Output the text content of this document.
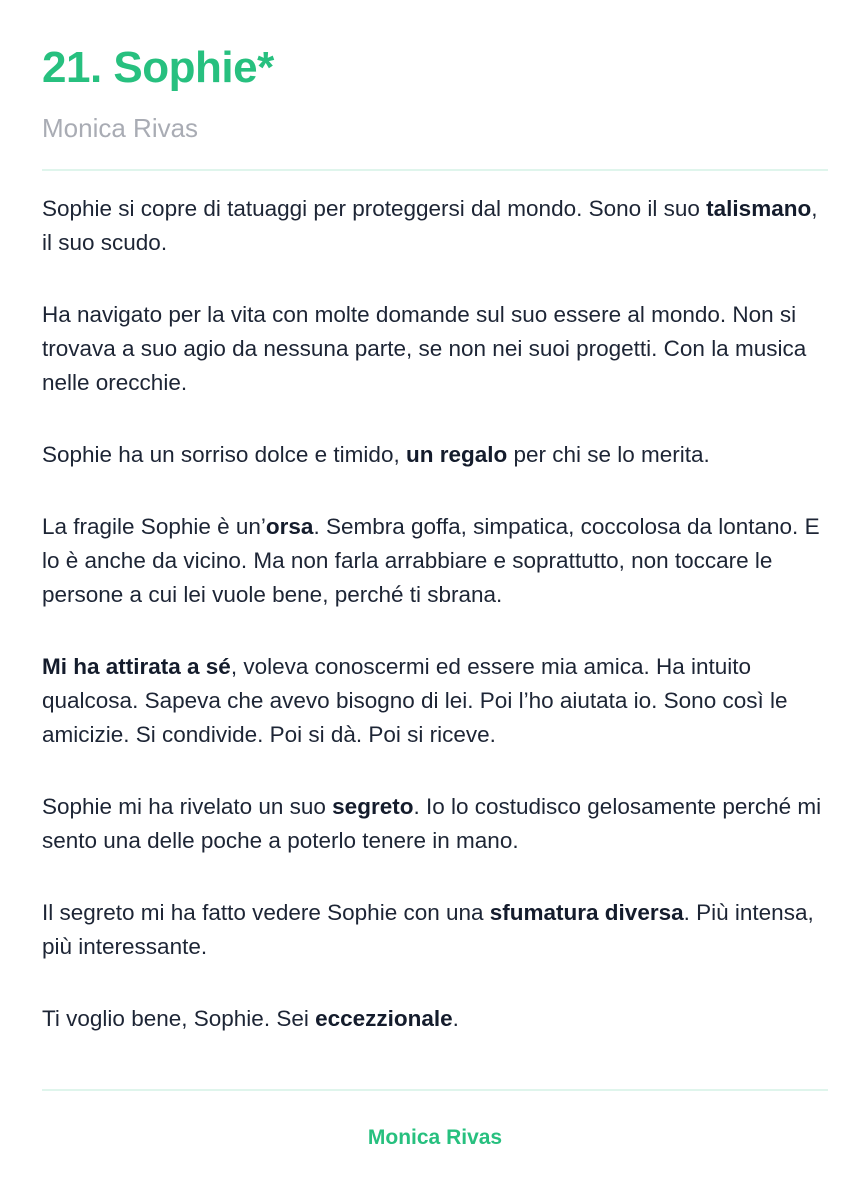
21. Sophie*
Monica Rivas

Sophie si copre di tatuaggi per proteggersi dal mondo. Sono il suo talismano, il suo scudo.

Ha navigato per la vita con molte domande sul suo essere al mondo. Non si trovava a suo agio da nessuna parte, se non nei suoi progetti. Con la musica nelle orecchie.

Sophie ha un sorriso dolce e timido, un regalo per chi se lo merita.

La fragile Sophie è un’orsa. Sembra goffa, simpatica, coccolosa da lontano. E lo è anche da vicino. Ma non farla arrabbiare e soprattutto, non toccare le persone a cui lei vuole bene, perché ti sbrana.

Mi ha attirata a sé, voleva conoscermi ed essere mia amica. Ha intuito qualcosa. Sapeva che avevo bisogno di lei. Poi l’ho aiutata io. Sono così le amicizie. Si condivide. Poi si dà. Poi si riceve.

Sophie mi ha rivelato un suo segreto. Io lo costudisco gelosamente perché mi sento una delle poche a poterlo tenere in mano.

Il segreto mi ha fatto vedere Sophie con una sfumatura diversa. Più intensa, più interessante.

Ti voglio bene, Sophie. Sei eccezzionale.

Monica Rivas
